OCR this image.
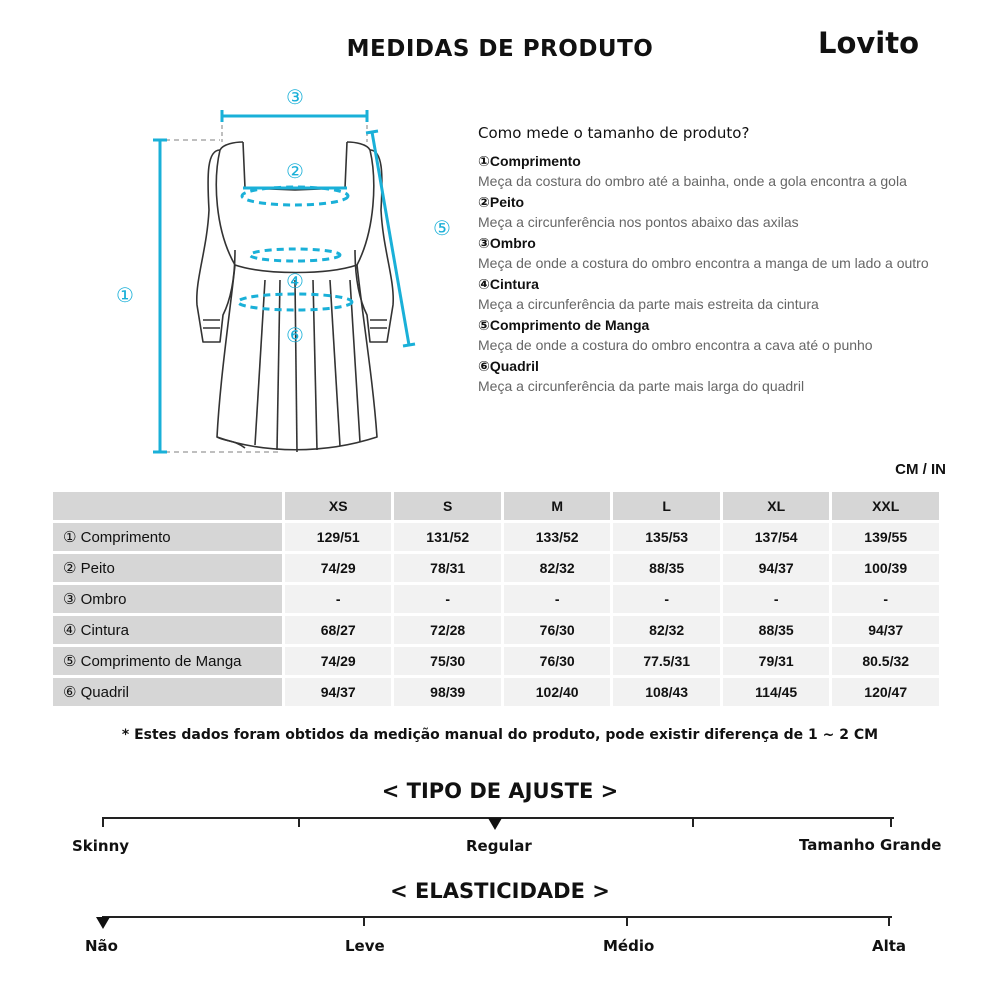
MEDIDAS DE PRODUTO	Lovito
③
②
④
⑥
①
⑤
Como mede o tamanho de produto?
①Comprimento
Meça da costura do ombro até a bainha, onde a gola encontra a gola
②Peito
Meça a circunferência nos pontos abaixo das axilas
③Ombro
Meça de onde a costura do ombro encontra a manga de um lado a outro
④Cintura
Meça a circunferência da parte mais estreita da cintura
⑤Comprimento de Manga
Meça de onde a costura do ombro encontra a cava até o punho
⑥Quadril
Meça a circunferência da parte mais larga do quadril
CM / IN
	XS	S	M	L	XL	XXL
① Comprimento	129/51	131/52	133/52	135/53	137/54	139/55
② Peito	74/29	78/31	82/32	88/35	94/37	100/39
③ Ombro	-	-	-	-	-	-
④ Cintura	68/27	72/28	76/30	82/32	88/35	94/37
⑤ Comprimento de Manga	74/29	75/30	76/30	77.5/31	79/31	80.5/32
⑥ Quadril	94/37	98/39	102/40	108/43	114/45	120/47
* Estes dados foram obtidos da medição manual do produto, pode existir diferença de 1 ~ 2 CM
< TIPO DE AJUSTE >
Skinny	Regular	Tamanho Grande
< ELASTICIDADE >
Não	Leve	Médio	Alta
